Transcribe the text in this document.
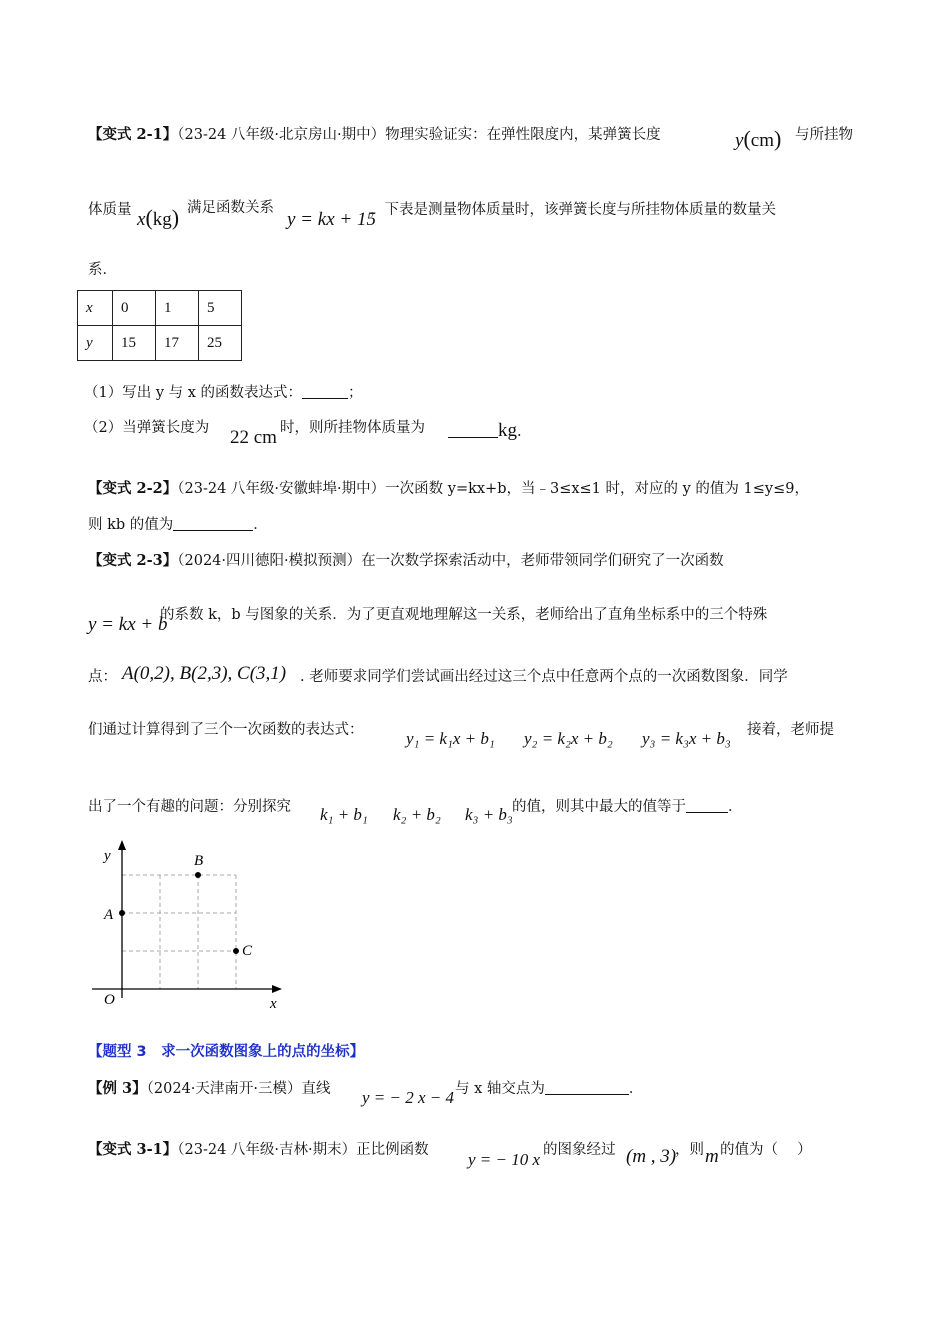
【变式 2-1】（23-24 八年级·北京房山·期中）物理实验证实：在弹性限度内，某弹簧长度	y(cm) 与所挂物
体质量 x(kg) 满足函数关系
y = kx + 15
，下表是测量物体质量时，该弹簧长度与所挂物体质量的数量关
系．
x	0	1	5
y	15	17	25
（1）写出 y 与 x 的函数表达式：	；
（2）当弹簧长度为 22 cm 时，则所挂物体质量为	kg.
【变式 2-2】（23-24 八年级·安徽蚌埠·期中）一次函数 y=kx+b，当﹣3≤x≤1 时，对应的 y 的值为 1≤y≤9，
则 kb 的值为	．
【变式 2-3】（2024·四川德阳·模拟预测）在一次数学探索活动中，老师带领同学们研究了一次函数
y = kx + b
的系数 k，b 与图象的关系．为了更直观地理解这一关系，老师给出了直角坐标系中的三个特殊
点： A(0,2), B(2,3), C(3,1) . 老师要求同学们尝试画出经过这三个点中任意两个点的一次函数图象．同学
们通过计算得到了三个一次函数的表达式：	y₁ = k₁x + b₁ y₂ = k₂x + b₂ y₃ = k₃x + b₃ 接着，老师提
出了一个有趣的问题：分别探究 k₁ + b₁ k₂ + b₂ k₃ + b₃ 的值，则其中最大的值等于	．
y
x
O
A
B
C
【题型 3　求一次函数图象上的点的坐标】
【例 3】（2024·天津南开·三模）直线 y = − 2 x − 4 与 x 轴交点为	．
【变式 3-1】（23-24 八年级·吉林·期末）正比例函数 y = − 10 x 的图象经过 (m , 3)
，则 m 的值为（　 ）
